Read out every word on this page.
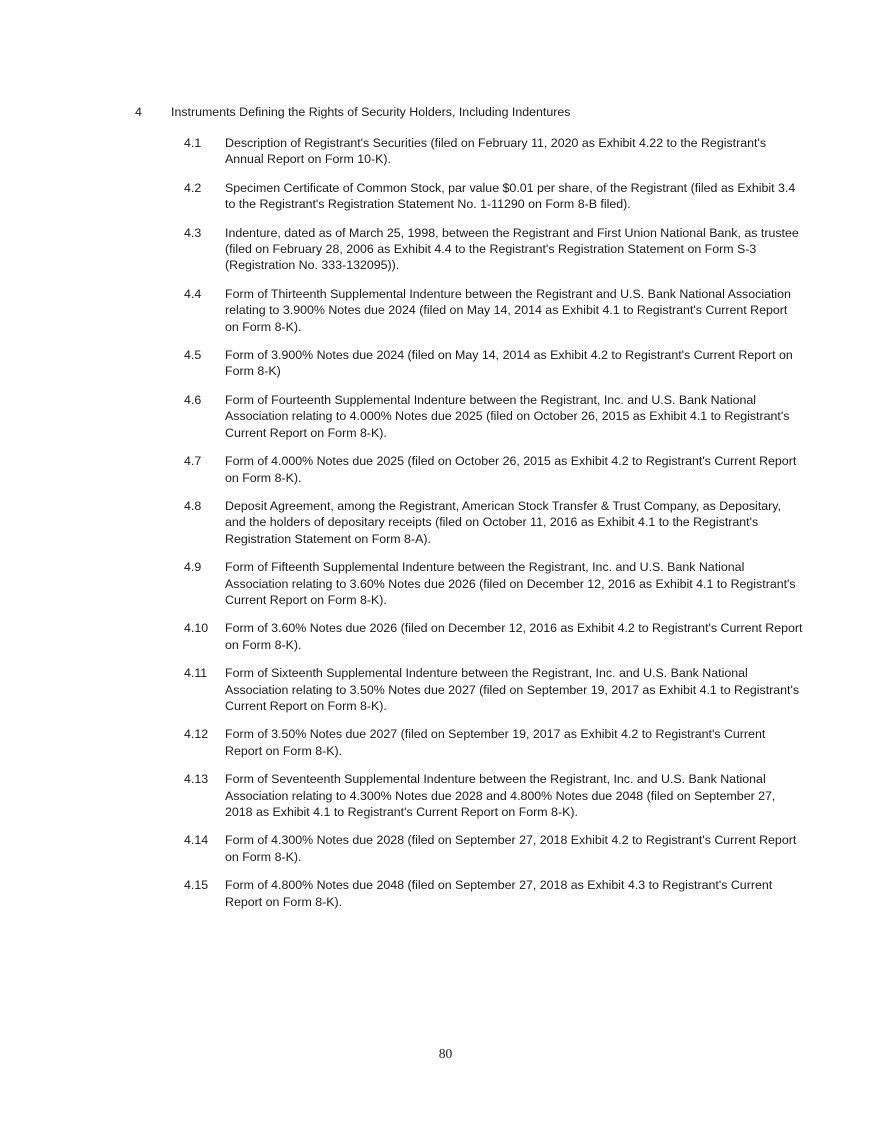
4 Instruments Defining the Rights of Security Holders, Including Indentures
4.1	Description of Registrant's Securities (filed on February 11, 2020 as Exhibit 4.22 to the Registrant's Annual Report on Form 10-K).
4.2	Specimen Certificate of Common Stock, par value $0.01 per share, of the Registrant (filed as Exhibit 3.4 to the Registrant's Registration Statement No. 1-11290 on Form 8-B filed).
4.3	Indenture, dated as of March 25, 1998, between the Registrant and First Union National Bank, as trustee (filed on February 28, 2006 as Exhibit 4.4 to the Registrant's Registration Statement on Form S-3 (Registration No. 333-132095)).
4.4	Form of Thirteenth Supplemental Indenture between the Registrant and U.S. Bank National Association relating to 3.900% Notes due 2024 (filed on May 14, 2014 as Exhibit 4.1 to Registrant's Current Report on Form 8-K).
4.5	Form of 3.900% Notes due 2024 (filed on May 14, 2014 as Exhibit 4.2 to Registrant's Current Report on Form 8-K)
4.6	Form of Fourteenth Supplemental Indenture between the Registrant, Inc. and U.S. Bank National Association relating to 4.000% Notes due 2025 (filed on October 26, 2015 as Exhibit 4.1 to Registrant's Current Report on Form 8-K).
4.7	Form of 4.000% Notes due 2025 (filed on October 26, 2015 as Exhibit 4.2 to Registrant's Current Report on Form 8-K).
4.8	Deposit Agreement, among the Registrant, American Stock Transfer & Trust Company, as Depositary, and the holders of depositary receipts (filed on October 11, 2016 as Exhibit 4.1 to the Registrant's Registration Statement on Form 8-A).
4.9	Form of Fifteenth Supplemental Indenture between the Registrant, Inc. and U.S. Bank National Association relating to 3.60% Notes due 2026 (filed on December 12, 2016 as Exhibit 4.1 to Registrant's Current Report on Form 8-K).
4.10	Form of 3.60% Notes due 2026 (filed on December 12, 2016 as Exhibit 4.2 to Registrant's Current Report on Form 8-K).
4.11	Form of Sixteenth Supplemental Indenture between the Registrant, Inc. and U.S. Bank National Association relating to 3.50% Notes due 2027 (filed on September 19, 2017 as Exhibit 4.1 to Registrant's Current Report on Form 8-K).
4.12	Form of 3.50% Notes due 2027 (filed on September 19, 2017 as Exhibit 4.2 to Registrant's Current Report on Form 8-K).
4.13	Form of Seventeenth Supplemental Indenture between the Registrant, Inc. and U.S. Bank National Association relating to 4.300% Notes due 2028 and 4.800% Notes due 2048 (filed on September 27, 2018 as Exhibit 4.1 to Registrant's Current Report on Form 8-K).
4.14	Form of 4.300% Notes due 2028 (filed on September 27, 2018 Exhibit 4.2 to Registrant's Current Report on Form 8-K).
4.15	Form of 4.800% Notes due 2048 (filed on September 27, 2018 as Exhibit 4.3 to Registrant's Current Report on Form 8-K).
80
